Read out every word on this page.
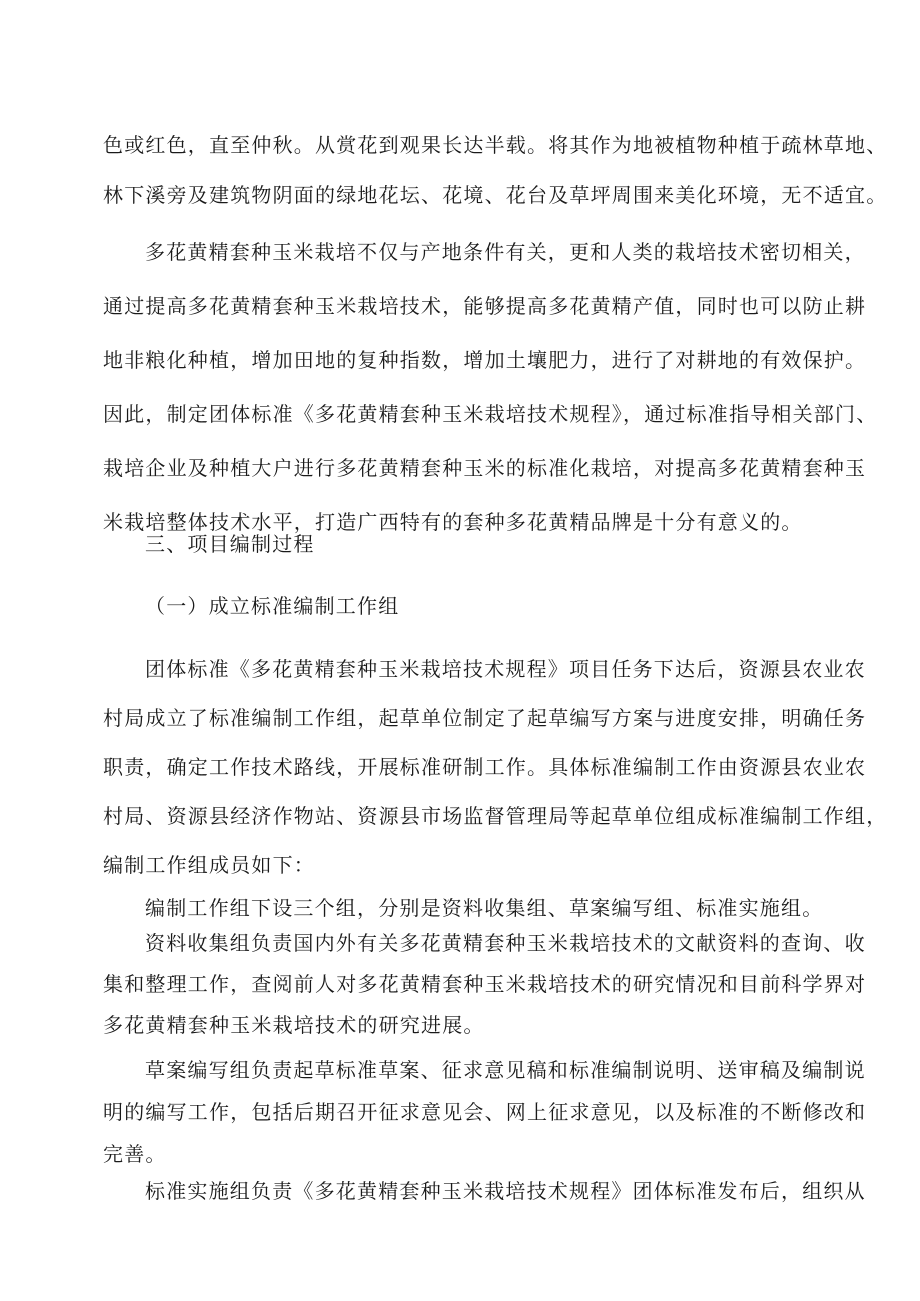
色或红色，直至仲秋。从赏花到观果长达半载。将其作为地被植物种植于疏林草地、
林下溪旁及建筑物阴面的绿地花坛、花境、花台及草坪周围来美化环境，无不适宜。
多花黄精套种玉米栽培不仅与产地条件有关，更和人类的栽培技术密切相关，
通过提高多花黄精套种玉米栽培技术，能够提高多花黄精产值，同时也可以防止耕
地非粮化种植，增加田地的复种指数，增加土壤肥力，进行了对耕地的有效保护。
因此，制定团体标准《多花黄精套种玉米栽培技术规程》，通过标准指导相关部门、
栽培企业及种植大户进行多花黄精套种玉米的标准化栽培，对提高多花黄精套种玉
米栽培整体技术水平，打造广西特有的套种多花黄精品牌是十分有意义的。
三、项目编制过程
（一）成立标准编制工作组
团体标准《多花黄精套种玉米栽培技术规程》项目任务下达后，资源县农业农
村局成立了标准编制工作组，起草单位制定了起草编写方案与进度安排，明确任务
职责，确定工作技术路线，开展标准研制工作。具体标准编制工作由资源县农业农
村局、资源县经济作物站、资源县市场监督管理局等起草单位组成标准编制工作组，
编制工作组成员如下：
编制工作组下设三个组，分别是资料收集组、草案编写组、标准实施组。
资料收集组负责国内外有关多花黄精套种玉米栽培技术的文献资料的查询、收
集和整理工作，查阅前人对多花黄精套种玉米栽培技术的研究情况和目前科学界对
多花黄精套种玉米栽培技术的研究进展。
草案编写组负责起草标准草案、征求意见稿和标准编制说明、送审稿及编制说
明的编写工作，包括后期召开征求意见会、网上征求意见，以及标准的不断修改和
完善。
标准实施组负责《多花黄精套种玉米栽培技术规程》团体标准发布后，组织从
